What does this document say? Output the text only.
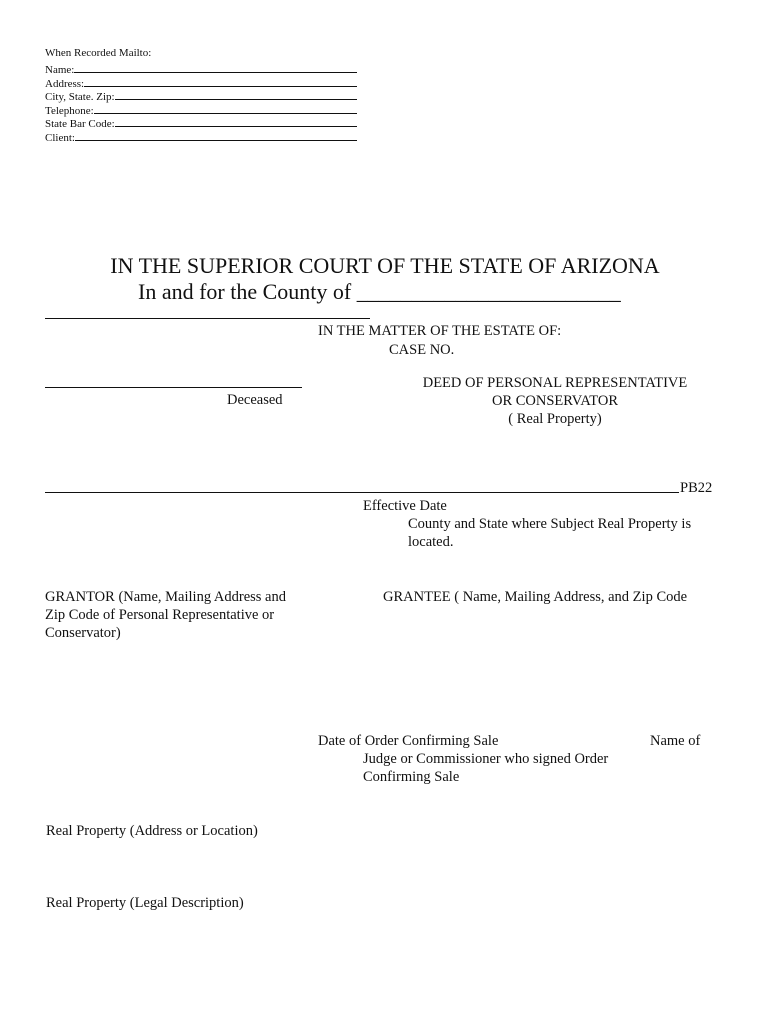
When Recorded Mailto:
Name:
Address:
City, State. Zip:
Telephone:
State Bar Code:
Client:
IN THE SUPERIOR COURT OF THE STATE OF ARIZONA
In and for the County of ________________________
IN THE MATTER OF THE ESTATE OF:
CASE NO.
Deceased
DEED OF PERSONAL REPRESENTATIVE
OR CONSERVATOR
( Real Property)
PB22
Effective Date
County and State where Subject Real Property is located.
GRANTOR (Name, Mailing Address and Zip Code of Personal Representative or Conservator)
GRANTEE ( Name, Mailing Address, and Zip Code
Date of Order Confirming Sale	Name of
Judge or Commissioner who signed Order
Confirming Sale
Real Property (Address or Location)
Real Property (Legal Description)
